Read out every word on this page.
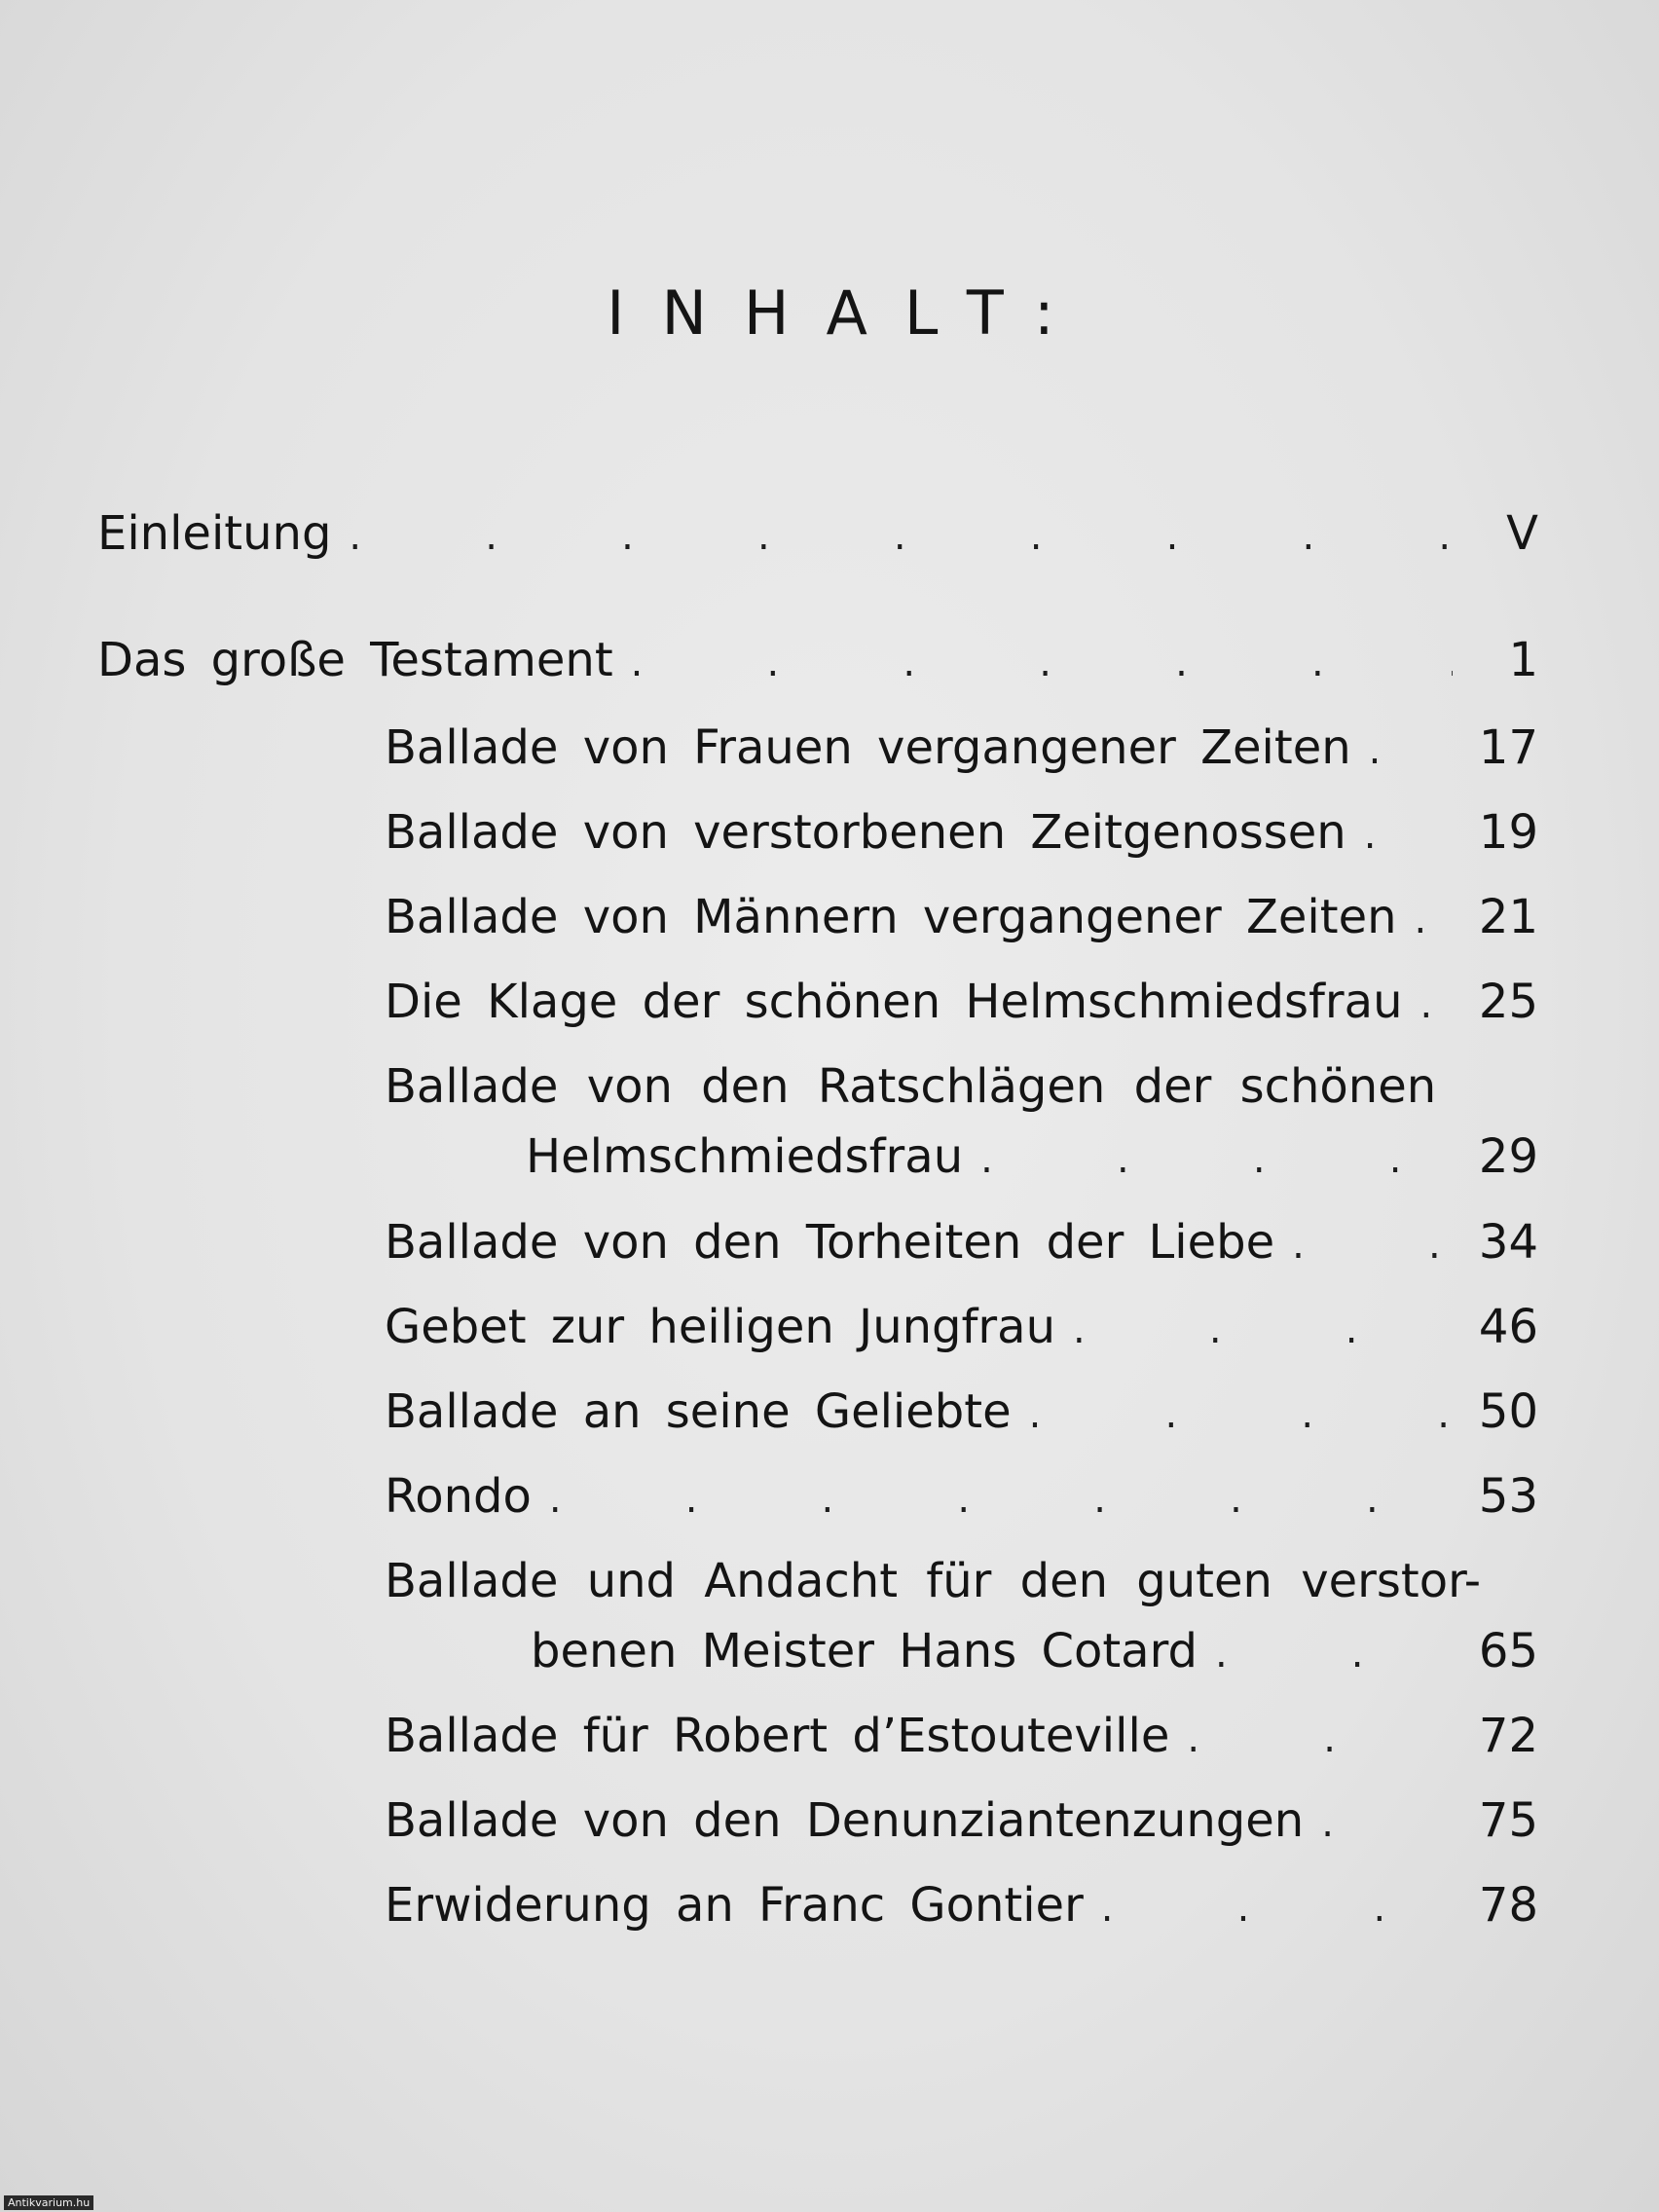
INHALT:
Einleitung .	V
Das große Testament .	1
Ballade von Frauen vergangener Zeiten .	17
Ballade von verstorbenen Zeitgenossen .	19
Ballade von Männern vergangener Zeiten . 21
Die Klage der schönen Helmschmiedsfrau . 25
Ballade von den Ratschlägen der schönen
Helmschmiedsfrau .	29
Ballade von den Torheiten der Liebe .	34
Gebet zur heiligen Jungfrau .	46
Ballade an seine Geliebte .	50
Rondo .	53
Ballade und Andacht für den guten verstor-
benen Meister Hans Cotard .	65
Ballade für Robert d’Estouteville .	72
Ballade von den Denunziantenzungen .	75
Erwiderung an Franc Gontier .	78
Antikvarium.hu
